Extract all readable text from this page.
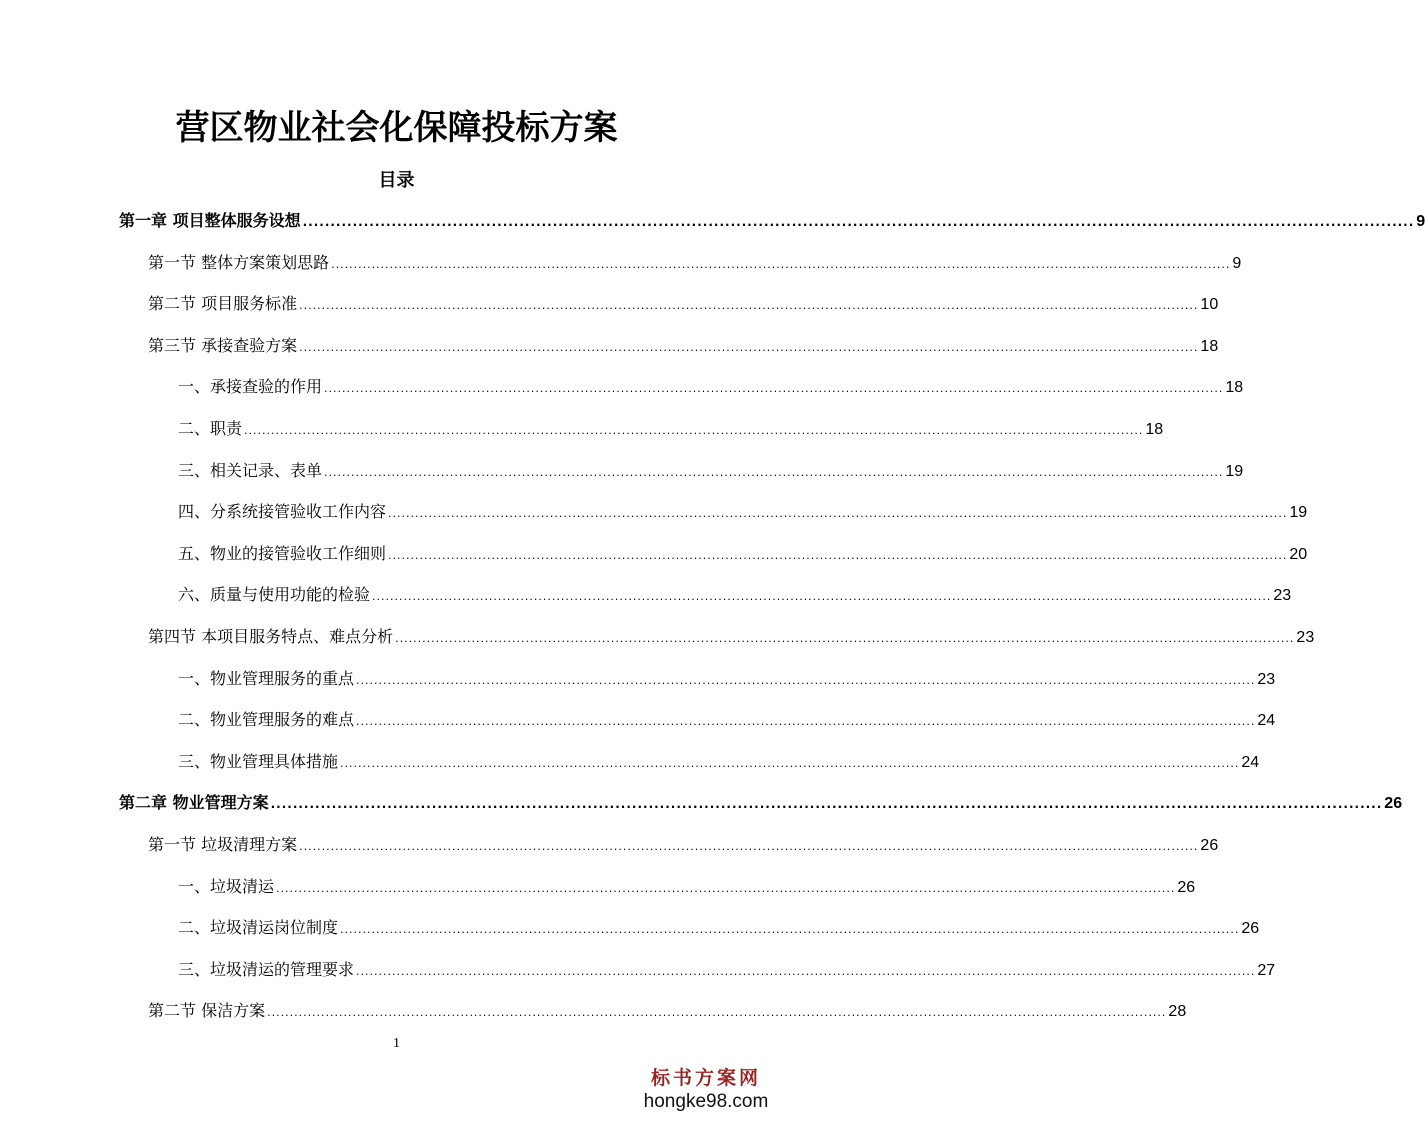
营区物业社会化保障投标方案
目录
第一章 项目整体服务设想 ........................................................................................................................................................................................................ 9
第一节 整体方案策划思路 ........................................................................................................................................................................................................ 9
第二节 项目服务标准 ........................................................................................................................................................................................................ 10
第三节 承接查验方案 ........................................................................................................................................................................................................ 18
一、承接查验的作用 ........................................................................................................................................................................................................ 18
二、职责 ........................................................................................................................................................................................................ 18
三、相关记录、表单 ........................................................................................................................................................................................................ 19
四、分系统接管验收工作内容 ........................................................................................................................................................................................................ 19
五、物业的接管验收工作细则 ........................................................................................................................................................................................................ 20
六、质量与使用功能的检验 ........................................................................................................................................................................................................ 23
第四节 本项目服务特点、难点分析 ........................................................................................................................................................................................................ 23
一、物业管理服务的重点 ........................................................................................................................................................................................................ 23
二、物业管理服务的难点 ........................................................................................................................................................................................................ 24
三、物业管理具体措施 ........................................................................................................................................................................................................ 24
第二章 物业管理方案 ........................................................................................................................................................................................................ 26
第一节 垃圾清理方案 ........................................................................................................................................................................................................ 26
一、垃圾清运 ........................................................................................................................................................................................................ 26
二、垃圾清运岗位制度 ........................................................................................................................................................................................................ 26
三、垃圾清运的管理要求 ........................................................................................................................................................................................................ 27
第二节 保洁方案 ........................................................................................................................................................................................................ 28
1
标书方案网
hongke98.com
